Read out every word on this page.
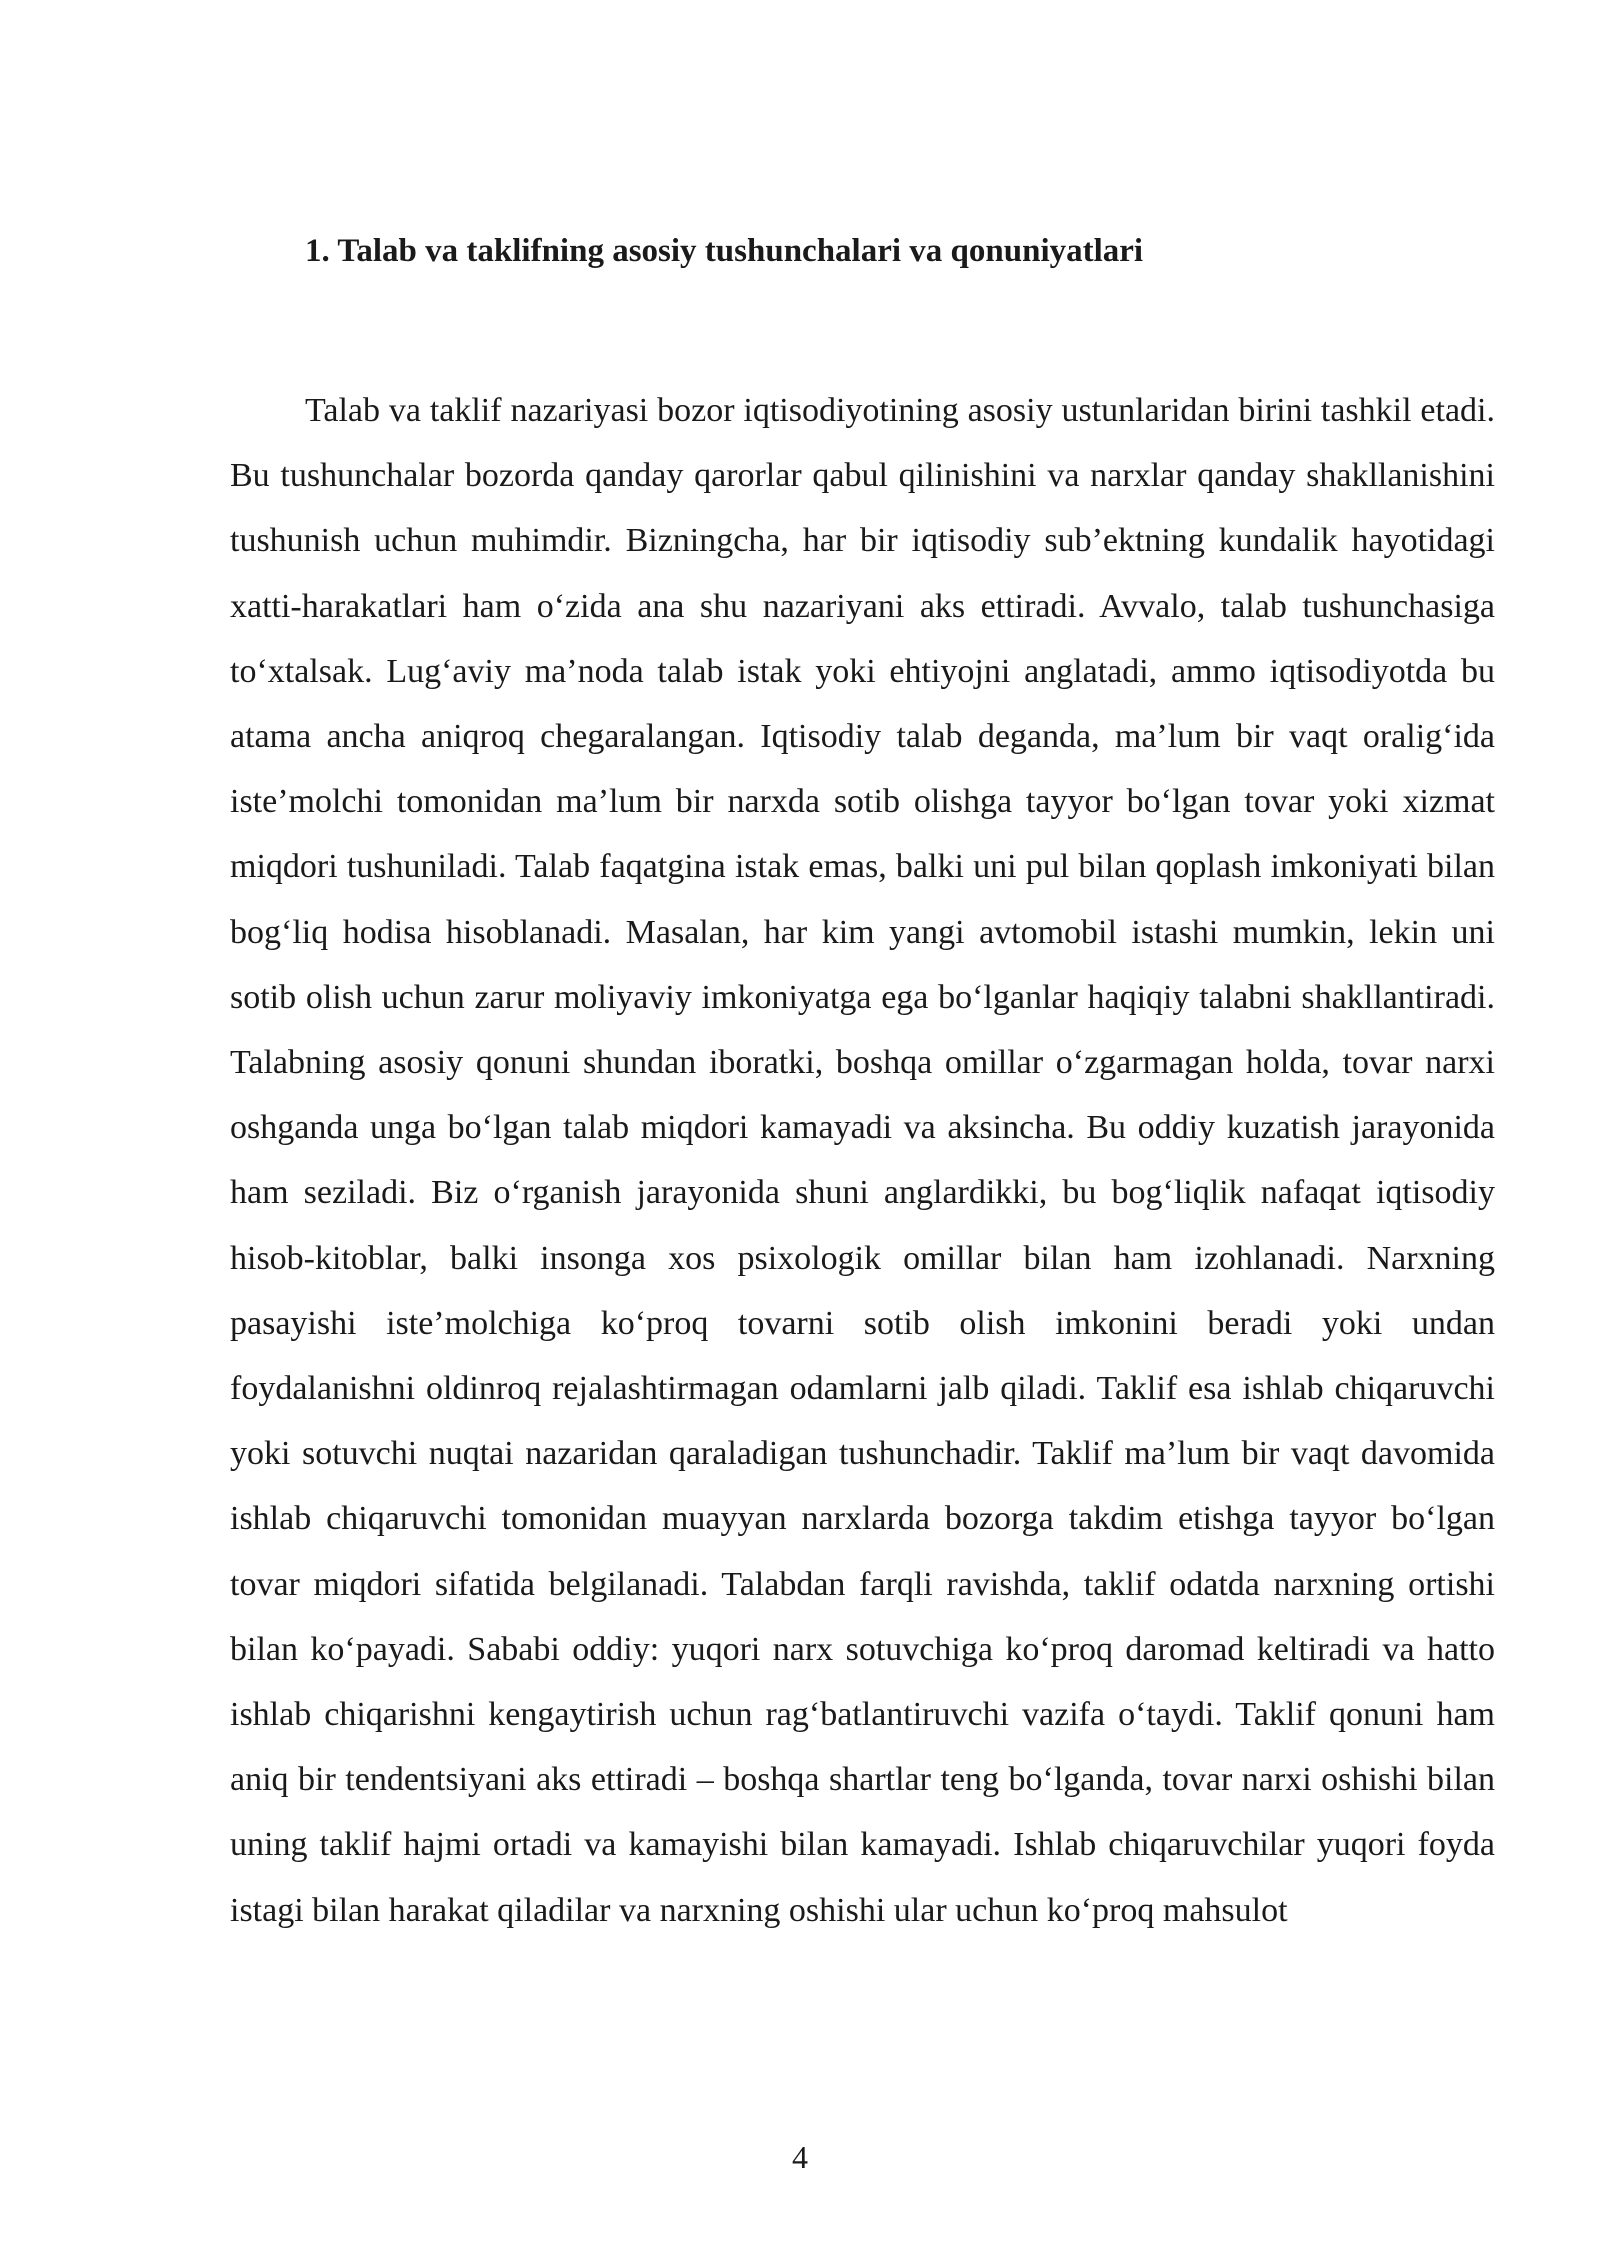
1. Talab va taklifning asosiy tushunchalari va qonuniyatlari

Talab va taklif nazariyasi bozor iqtisodiyotining asosiy ustunlaridan birini tashkil etadi. Bu tushunchalar bozorda qanday qarorlar qabul qilinishini va narxlar qanday shakllanishini tushunish uchun muhimdir. Bizningcha, har bir iqtisodiy sub’ektning kundalik hayotidagi xatti-harakatlari ham o‘zida ana shu nazariyani aks ettiradi. Avvalo, talab tushunchasiga to‘xtalsak. Lug‘aviy ma’noda talab istak yoki ehtiyojni anglatadi, ammo iqtisodiyotda bu atama ancha aniqroq chegaralangan. Iqtisodiy talab deganda, ma’lum bir vaqt oralig‘ida iste’molchi tomonidan ma’lum bir narxda sotib olishga tayyor bo‘lgan tovar yoki xizmat miqdori tushuniladi. Talab faqatgina istak emas, balki uni pul bilan qoplash imkoniyati bilan bog‘liq hodisa hisoblanadi. Masalan, har kim yangi avtomobil istashi mumkin, lekin uni sotib olish uchun zarur moliyaviy imkoniyatga ega bo‘lganlar haqiqiy talabni shakllantiradi. Talabning asosiy qonuni shundan iboratki, boshqa omillar o‘zgarmagan holda, tovar narxi oshganda unga bo‘lgan talab miqdori kamayadi va aksincha. Bu oddiy kuzatish jarayonida ham seziladi. Biz o‘rganish jarayonida shuni anglardikki, bu bog‘liqlik nafaqat iqtisodiy hisob-kitoblar, balki insonga xos psixologik omillar bilan ham izohlanadi. Narxning pasayishi iste’molchiga ko‘proq tovarni sotib olish imkonini beradi yoki undan foydalanishni oldinroq rejalashtirmagan odamlarni jalb qiladi. Taklif esa ishlab chiqaruvchi yoki sotuvchi nuqtai nazaridan qaraladigan tushunchadir. Taklif ma’lum bir vaqt davomida ishlab chiqaruvchi tomonidan muayyan narxlarda bozorga takdim etishga tayyor bo‘lgan tovar miqdori sifatida belgilanadi. Talabdan farqli ravishda, taklif odatda narxning ortishi bilan ko‘payadi. Sababi oddiy: yuqori narx sotuvchiga ko‘proq daromad keltiradi va hatto ishlab chiqarishni kengaytirish uchun rag‘batlantiruvchi vazifa o‘taydi. Taklif qonuni ham aniq bir tendentsiyani aks ettiradi – boshqa shartlar teng bo‘lganda, tovar narxi oshishi bilan uning taklif hajmi ortadi va kamayishi bilan kamayadi. Ishlab chiqaruvchilar yuqori foyda istagi bilan harakat qiladilar va narxning oshishi ular uchun ko‘proq mahsulot

4
